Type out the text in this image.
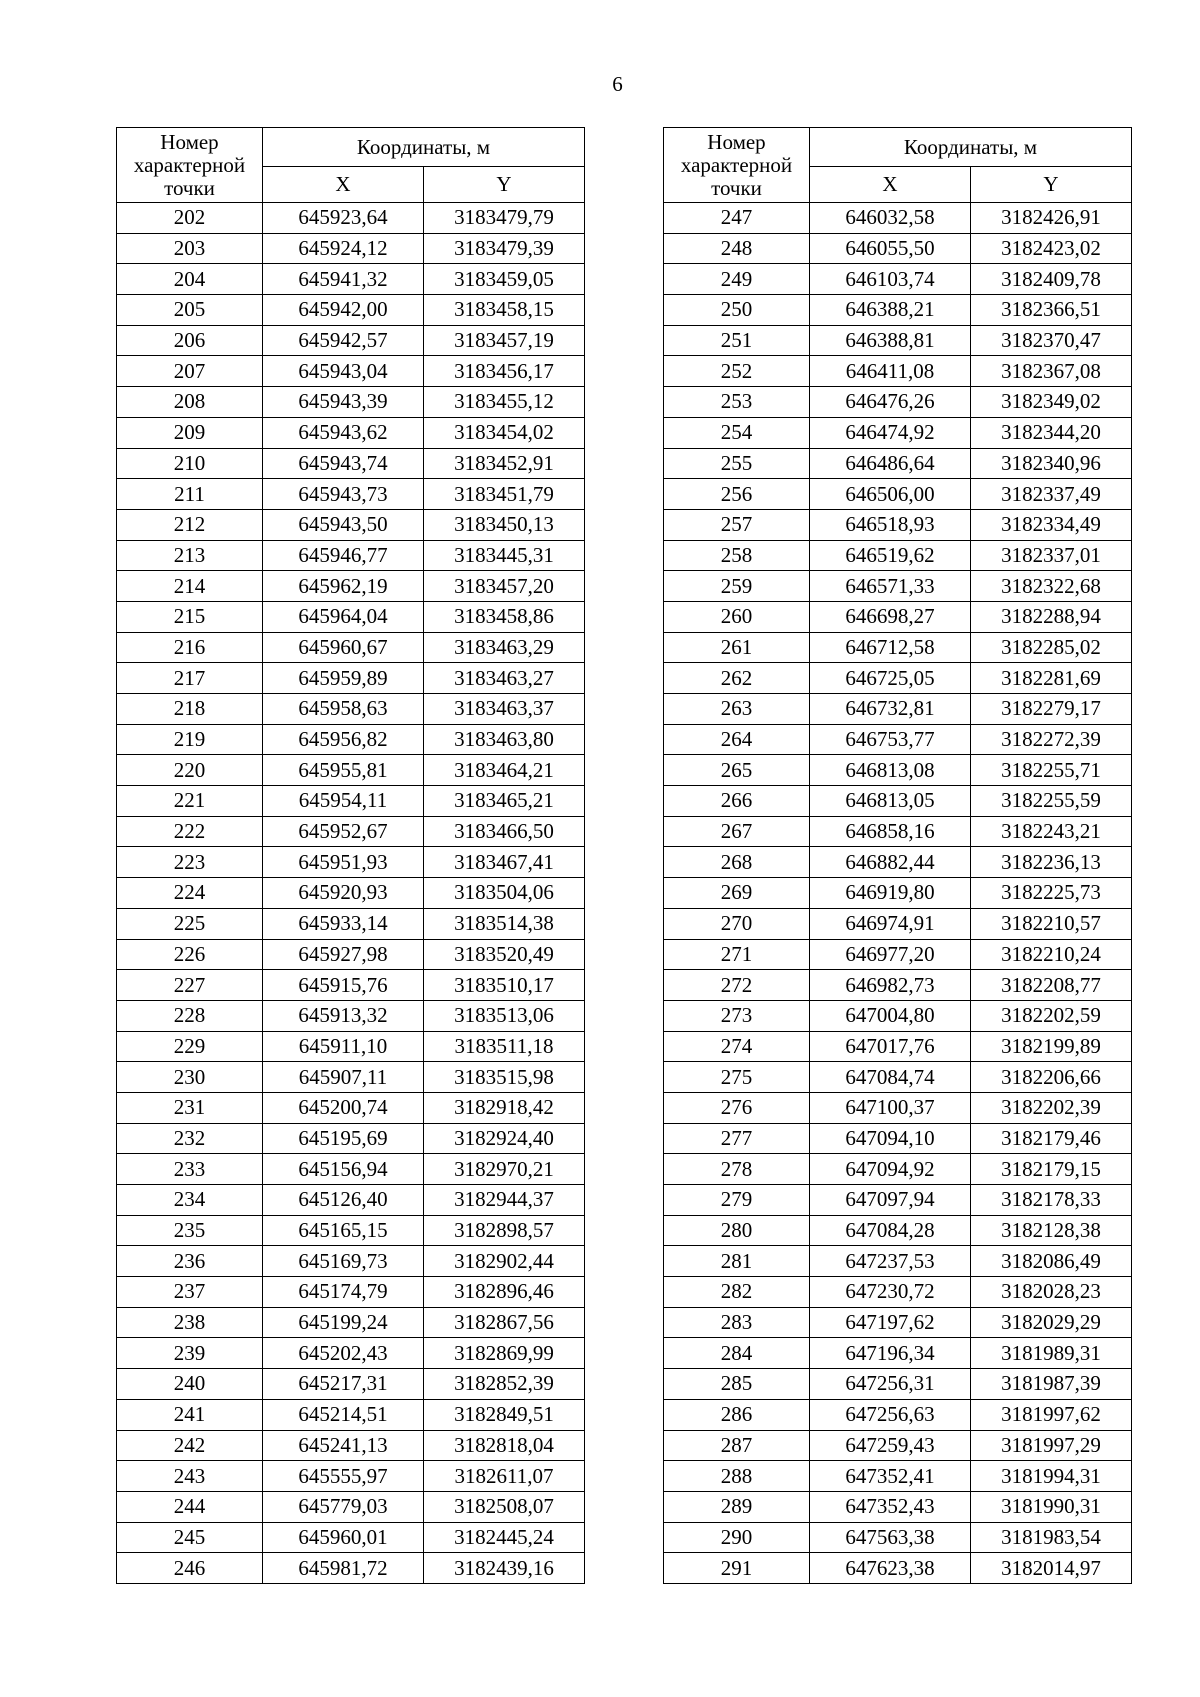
6
Номер характерной точки	Координаты, м	
	X	Y
202	645923,64	3183479,79
203	645924,12	3183479,39
204	645941,32	3183459,05
205	645942,00	3183458,15
206	645942,57	3183457,19
207	645943,04	3183456,17
208	645943,39	3183455,12
209	645943,62	3183454,02
210	645943,74	3183452,91
211	645943,73	3183451,79
212	645943,50	3183450,13
213	645946,77	3183445,31
214	645962,19	3183457,20
215	645964,04	3183458,86
216	645960,67	3183463,29
217	645959,89	3183463,27
218	645958,63	3183463,37
219	645956,82	3183463,80
220	645955,81	3183464,21
221	645954,11	3183465,21
222	645952,67	3183466,50
223	645951,93	3183467,41
224	645920,93	3183504,06
225	645933,14	3183514,38
226	645927,98	3183520,49
227	645915,76	3183510,17
228	645913,32	3183513,06
229	645911,10	3183511,18
230	645907,11	3183515,98
231	645200,74	3182918,42
232	645195,69	3182924,40
233	645156,94	3182970,21
234	645126,40	3182944,37
235	645165,15	3182898,57
236	645169,73	3182902,44
237	645174,79	3182896,46
238	645199,24	3182867,56
239	645202,43	3182869,99
240	645217,31	3182852,39
241	645214,51	3182849,51
242	645241,13	3182818,04
243	645555,97	3182611,07
244	645779,03	3182508,07
245	645960,01	3182445,24
246	645981,72	3182439,16
Номер характерной точки	Координаты, м	
	X	Y
247	646032,58	3182426,91
248	646055,50	3182423,02
249	646103,74	3182409,78
250	646388,21	3182366,51
251	646388,81	3182370,47
252	646411,08	3182367,08
253	646476,26	3182349,02
254	646474,92	3182344,20
255	646486,64	3182340,96
256	646506,00	3182337,49
257	646518,93	3182334,49
258	646519,62	3182337,01
259	646571,33	3182322,68
260	646698,27	3182288,94
261	646712,58	3182285,02
262	646725,05	3182281,69
263	646732,81	3182279,17
264	646753,77	3182272,39
265	646813,08	3182255,71
266	646813,05	3182255,59
267	646858,16	3182243,21
268	646882,44	3182236,13
269	646919,80	3182225,73
270	646974,91	3182210,57
271	646977,20	3182210,24
272	646982,73	3182208,77
273	647004,80	3182202,59
274	647017,76	3182199,89
275	647084,74	3182206,66
276	647100,37	3182202,39
277	647094,10	3182179,46
278	647094,92	3182179,15
279	647097,94	3182178,33
280	647084,28	3182128,38
281	647237,53	3182086,49
282	647230,72	3182028,23
283	647197,62	3182029,29
284	647196,34	3181989,31
285	647256,31	3181987,39
286	647256,63	3181997,62
287	647259,43	3181997,29
288	647352,41	3181994,31
289	647352,43	3181990,31
290	647563,38	3181983,54
291	647623,38	3182014,97
